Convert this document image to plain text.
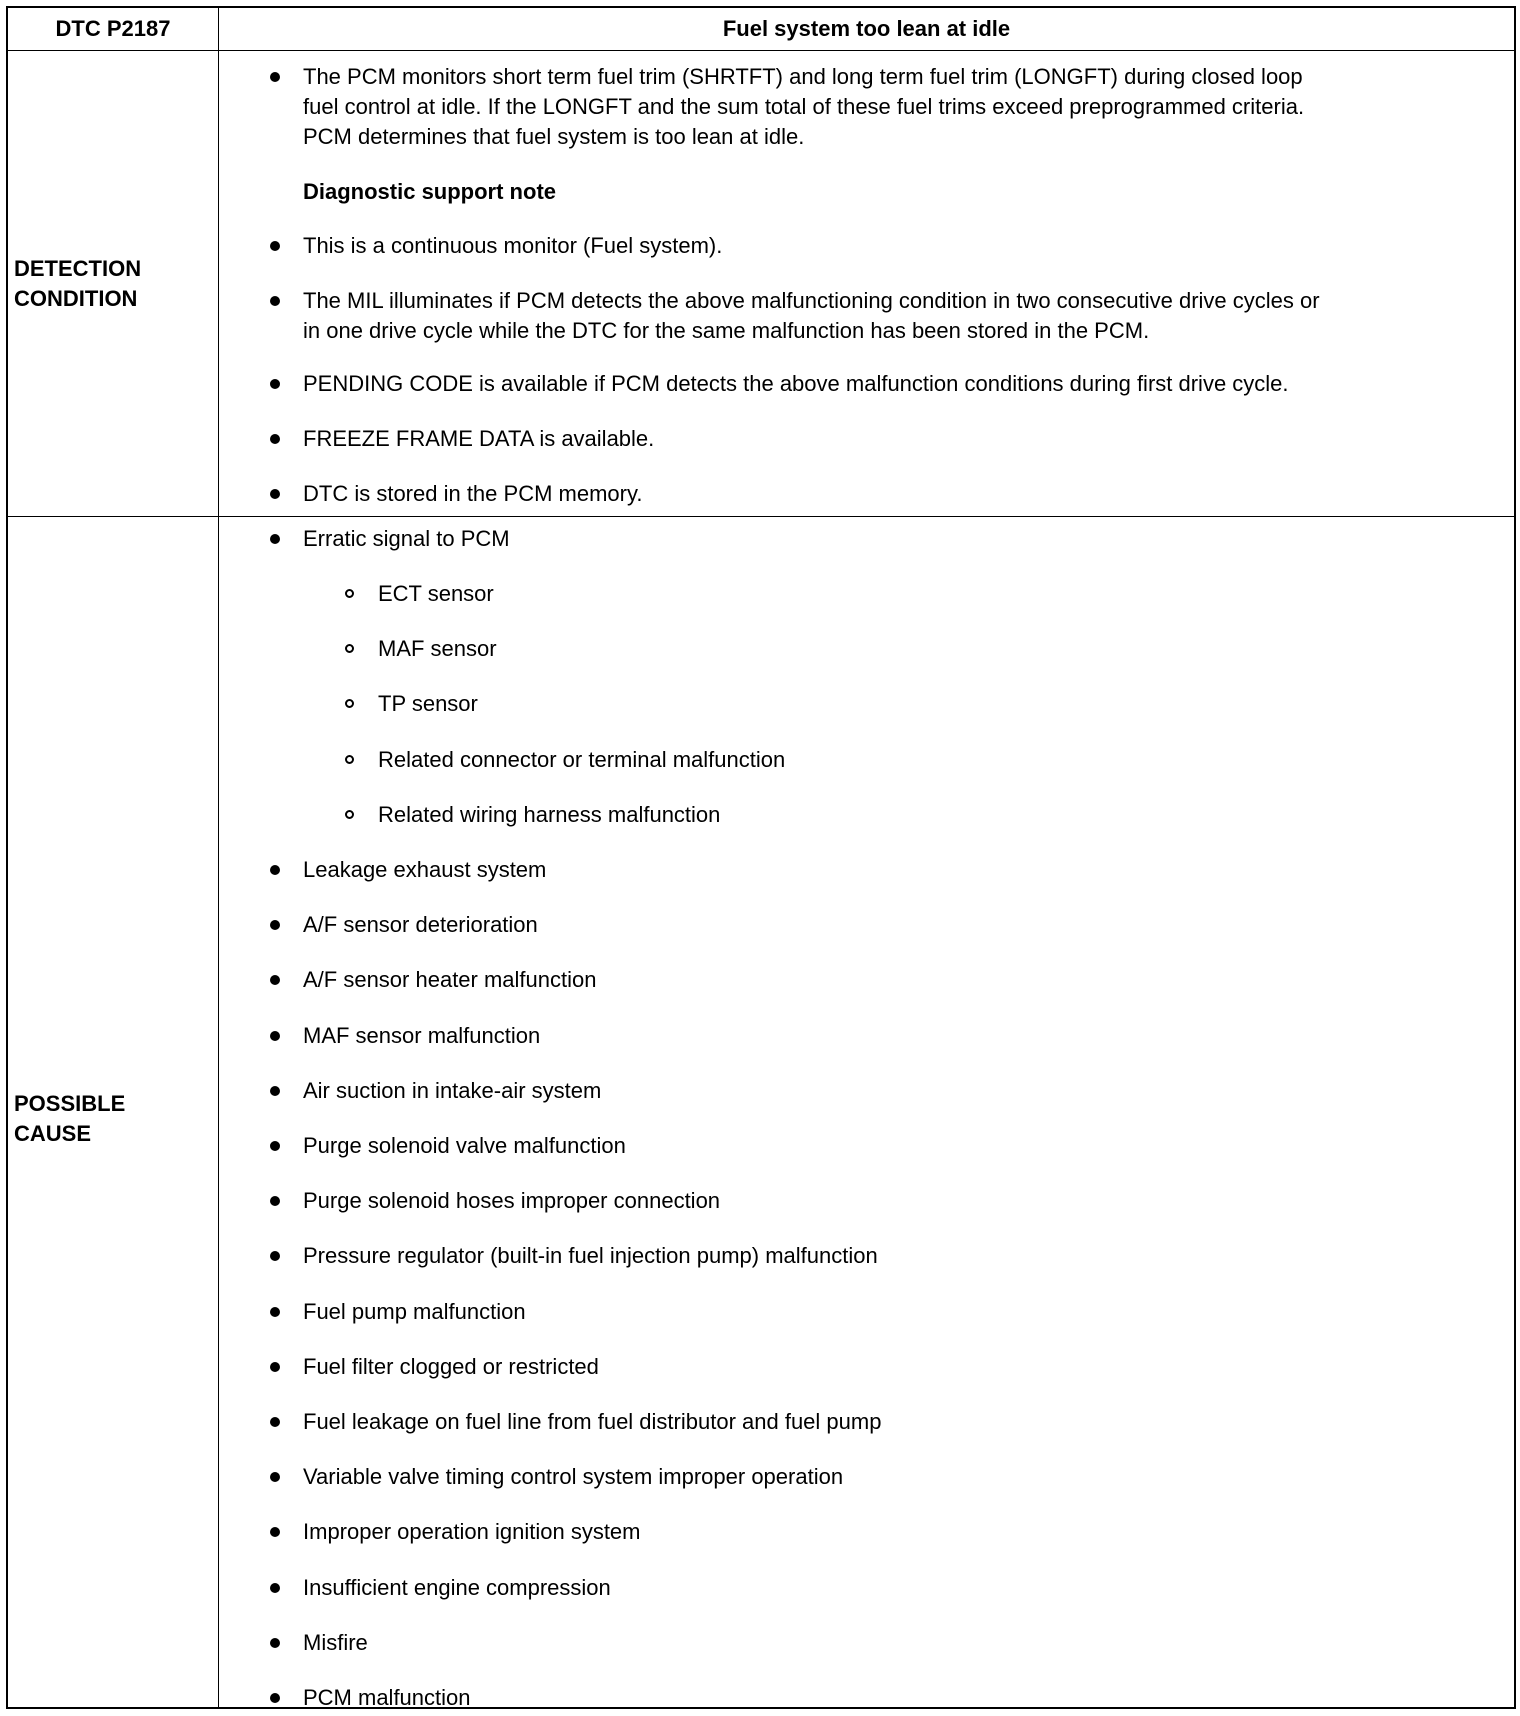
DTC P2187	Fuel system too lean at idle
DETECTION
CONDITION
The PCM monitors short term fuel trim (SHRTFT) and long term fuel trim (LONGFT) during closed loop
fuel control at idle. If the LONGFT and the sum total of these fuel trims exceed preprogrammed criteria.
PCM determines that fuel system is too lean at idle.
Diagnostic support note
This is a continuous monitor (Fuel system).
The MIL illuminates if PCM detects the above malfunctioning condition in two consecutive drive cycles or
in one drive cycle while the DTC for the same malfunction has been stored in the PCM.
PENDING CODE is available if PCM detects the above malfunction conditions during first drive cycle.
FREEZE FRAME DATA is available.
DTC is stored in the PCM memory.
POSSIBLE
CAUSE
Erratic signal to PCM
ECT sensor
MAF sensor
TP sensor
Related connector or terminal malfunction
Related wiring harness malfunction
Leakage exhaust system
A/F sensor deterioration
A/F sensor heater malfunction
MAF sensor malfunction
Air suction in intake-air system
Purge solenoid valve malfunction
Purge solenoid hoses improper connection
Pressure regulator (built-in fuel injection pump) malfunction
Fuel pump malfunction
Fuel filter clogged or restricted
Fuel leakage on fuel line from fuel distributor and fuel pump
Variable valve timing control system improper operation
Improper operation ignition system
Insufficient engine compression
Misfire
PCM malfunction
